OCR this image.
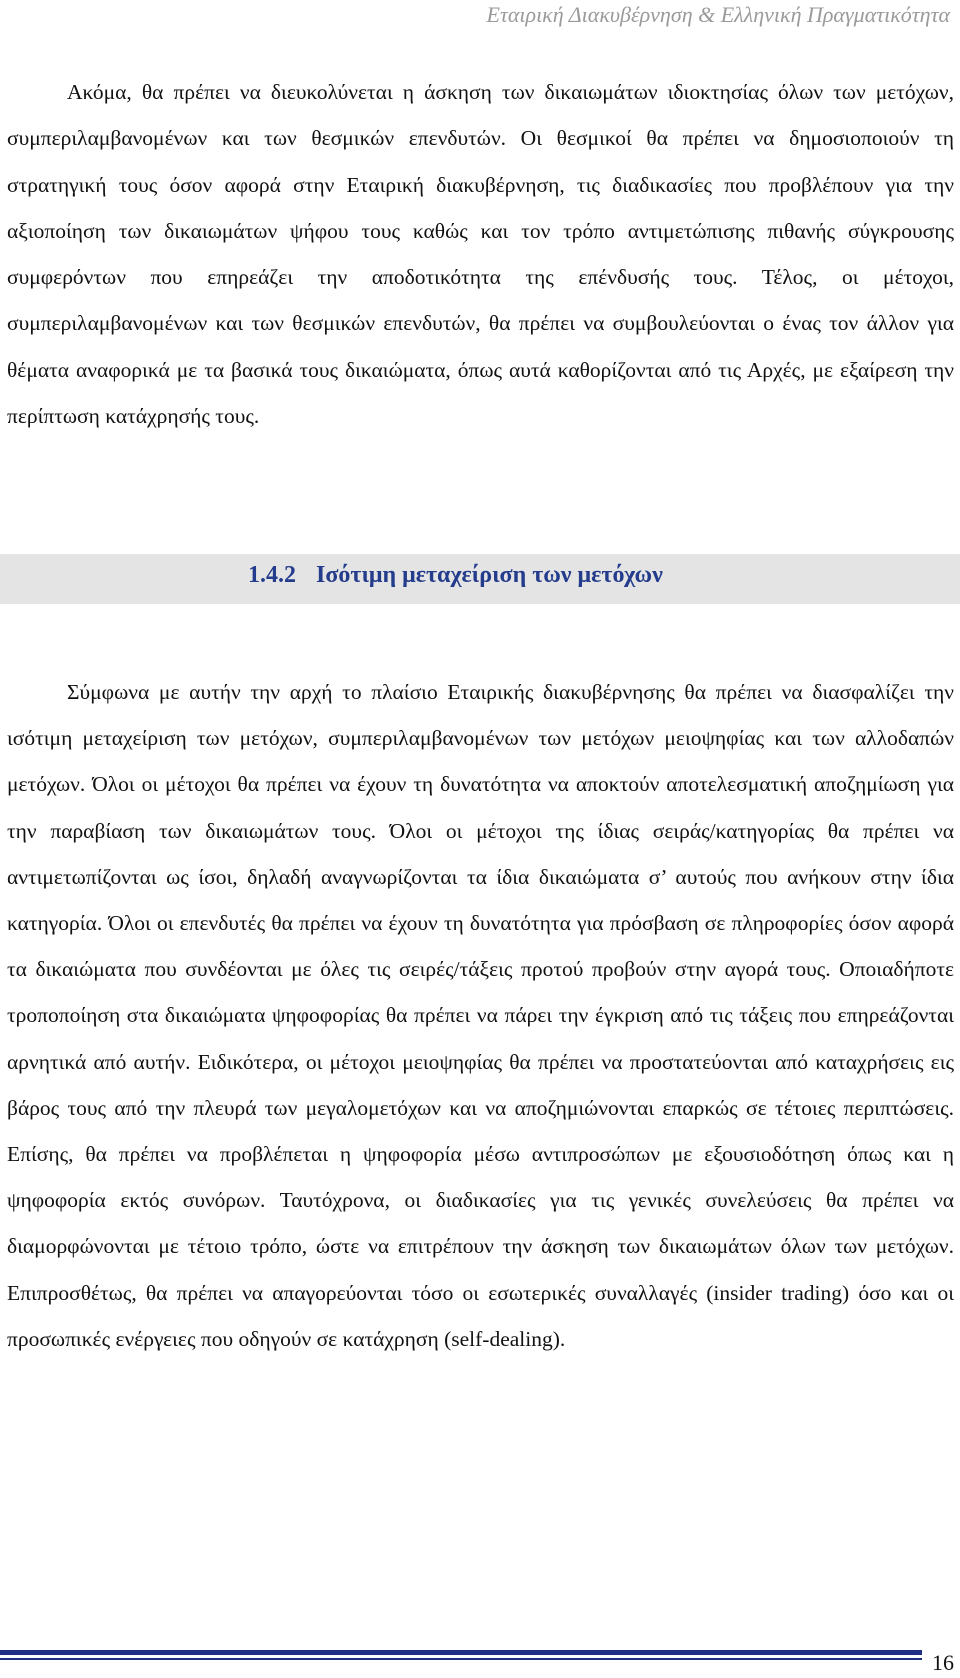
Εταιρική Διακυβέρνηση & Ελληνική Πραγματικότητα

Ακόμα, θα πρέπει να διευκολύνεται η άσκηση των δικαιωμάτων ιδιοκτησίας όλων των μετόχων, συμπεριλαμβανομένων και των θεσμικών επενδυτών. Οι θεσμικοί θα πρέπει να δημοσιοποιούν τη στρατηγική τους όσον αφορά στην Εταιρική διακυβέρνηση, τις διαδικασίες που προβλέπουν για την αξιοποίηση των δικαιωμάτων ψήφου τους καθώς και τον τρόπο αντιμετώπισης πιθανής σύγκρουσης συμφερόντων που επηρεάζει την αποδοτικότητα της επένδυσής τους. Τέλος, οι μέτοχοι, συμπεριλαμβανομένων και των θεσμικών επενδυτών, θα πρέπει να συμβουλεύονται ο ένας τον άλλον για θέματα αναφορικά με τα βασικά τους δικαιώματα, όπως αυτά καθορίζονται από τις Αρχές, με εξαίρεση την περίπτωση κατάχρησής τους.

1.4.2 Ισότιμη μεταχείριση των μετόχων

Σύμφωνα με αυτήν την αρχή το πλαίσιο Εταιρικής διακυβέρνησης θα πρέπει να διασφαλίζει την ισότιμη μεταχείριση των μετόχων, συμπεριλαμβανομένων των μετόχων μειοψηφίας και των αλλοδαπών μετόχων. Όλοι οι μέτοχοι θα πρέπει να έχουν τη δυνατότητα να αποκτούν αποτελεσματική αποζημίωση για την παραβίαση των δικαιωμάτων τους. Όλοι οι μέτοχοι της ίδιας σειράς/κατηγορίας θα πρέπει να αντιμετωπίζονται ως ίσοι, δηλαδή αναγνωρίζονται τα ίδια δικαιώματα σ’ αυτούς που ανήκουν στην ίδια κατηγορία. Όλοι οι επενδυτές θα πρέπει να έχουν τη δυνατότητα για πρόσβαση σε πληροφορίες όσον αφορά τα δικαιώματα που συνδέονται με όλες τις σειρές/τάξεις προτού προβούν στην αγορά τους. Οποιαδήποτε τροποποίηση στα δικαιώματα ψηφοφορίας θα πρέπει να πάρει την έγκριση από τις τάξεις που επηρεάζονται αρνητικά από αυτήν. Ειδικότερα, οι μέτοχοι μειοψηφίας θα πρέπει να προστατεύονται από καταχρήσεις εις βάρος τους από την πλευρά των μεγαλομετόχων και να αποζημιώνονται επαρκώς σε τέτοιες περιπτώσεις. Επίσης, θα πρέπει να προβλέπεται η ψηφοφορία μέσω αντιπροσώπων με εξουσιοδότηση όπως και η ψηφοφορία εκτός συνόρων. Ταυτόχρονα, οι διαδικασίες για τις γενικές συνελεύσεις θα πρέπει να διαμορφώνονται με τέτοιο τρόπο, ώστε να επιτρέπουν την άσκηση των δικαιωμάτων όλων των μετόχων. Επιπροσθέτως, θα πρέπει να απαγορεύονται τόσο οι εσωτερικές συναλλαγές (insider trading) όσο και οι προσωπικές ενέργειες που οδηγούν σε κατάχρηση (self-dealing).

16
